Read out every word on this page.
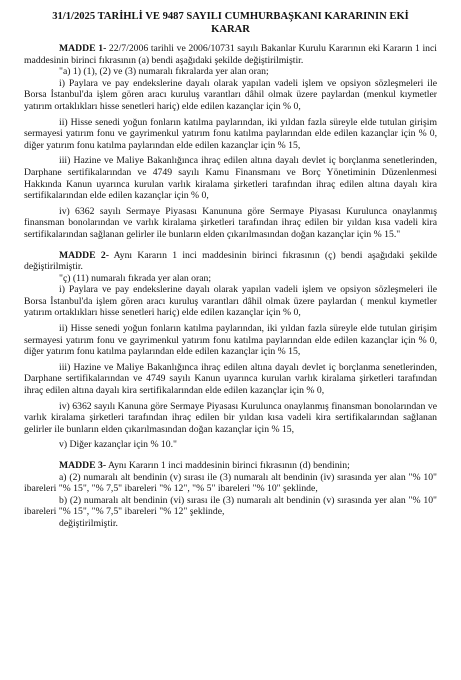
31/1/2025 TARİHLİ VE 9487 SAYILI CUMHURBAŞKANI KARARININ EKİ
KARAR

MADDE 1- 22/7/2006 tarihli ve 2006/10731 sayılı Bakanlar Kurulu Kararının eki Kararın 1 inci maddesinin birinci fıkrasının (a) bendi aşağıdaki şekilde değiştirilmiştir.

"a) 1) (1), (2) ve (3) numaralı fıkralarda yer alan oran;

i) Paylara ve pay endekslerine dayalı olarak yapılan vadeli işlem ve opsiyon sözleşmeleri ile Borsa İstanbul'da işlem gören aracı kuruluş varantları dâhil olmak üzere paylardan (menkul kıymetler yatırım ortaklıkları hisse senetleri hariç) elde edilen kazançlar için % 0,

ii) Hisse senedi yoğun fonların katılma paylarından, iki yıldan fazla süreyle elde tutulan girişim sermayesi yatırım fonu ve gayrimenkul yatırım fonu katılma paylarından elde edilen kazançlar için % 0, diğer yatırım fonu katılma paylarından elde edilen kazançlar için % 15,

iii) Hazine ve Maliye Bakanlığınca ihraç edilen altına dayalı devlet iç borçlanma senetlerinden, Darphane sertifikalarından ve 4749 sayılı Kamu Finansmanı ve Borç Yönetiminin Düzenlenmesi Hakkında Kanun uyarınca kurulan varlık kiralama şirketleri tarafından ihraç edilen altına dayalı kira sertifikalarından elde edilen kazançlar için % 0,

iv) 6362 sayılı Sermaye Piyasası Kanununa göre Sermaye Piyasası Kurulunca onaylanmış finansman bonolarından ve varlık kiralama şirketleri tarafından ihraç edilen bir yıldan kısa vadeli kira sertifikalarından sağlanan gelirler ile bunların elden çıkarılmasından doğan kazançlar için % 15."

MADDE 2- Aynı Kararın 1 inci maddesinin birinci fıkrasının (ç) bendi aşağıdaki şekilde değiştirilmiştir.

"ç) (11) numaralı fıkrada yer alan oran;

i) Paylara ve pay endekslerine dayalı olarak yapılan vadeli işlem ve opsiyon sözleşmeleri ile Borsa İstanbul'da işlem gören aracı kuruluş varantları dâhil olmak üzere paylardan ( menkul kıymetler yatırım ortaklıkları hisse senetleri hariç) elde edilen kazançlar için % 0,

ii) Hisse senedi yoğun fonların katılma paylarından, iki yıldan fazla süreyle elde tutulan girişim sermayesi yatırım fonu ve gayrimenkul yatırım fonu katılma paylarından elde edilen kazançlar için % 0, diğer yatırım fonu katılma paylarından elde edilen kazançlar için % 15,

iii) Hazine ve Maliye Bakanlığınca ihraç edilen altına dayalı devlet iç borçlanma senetlerinden, Darphane sertifikalarından ve 4749 sayılı Kanun uyarınca kurulan varlık kiralama şirketleri tarafından ihraç edilen altına dayalı kira sertifikalarından elde edilen kazançlar için % 0,

iv) 6362 sayılı Kanuna göre Sermaye Piyasası Kurulunca onaylanmış finansman bonolarından ve varlık kiralama şirketleri tarafından ihraç edilen bir yıldan kısa vadeli kira sertifikalarından sağlanan gelirler ile bunların elden çıkarılmasından doğan kazançlar için % 15,

v) Diğer kazançlar için % 10."

MADDE 3- Aynı Kararın 1 inci maddesinin birinci fıkrasının (d) bendinin;

a) (2) numaralı alt bendinin (v) sırası ile (3) numaralı alt bendinin (iv) sırasında yer alan "% 10" ibareleri "% 15", "% 7,5" ibareleri "% 12", "% 5" ibareleri "% 10" şeklinde,

b) (2) numaralı alt bendinin (vi) sırası ile (3) numaralı alt bendinin (v) sırasında yer alan "% 10" ibareleri "% 15", "% 7,5" ibareleri "% 12" şeklinde,

değiştirilmiştir.
